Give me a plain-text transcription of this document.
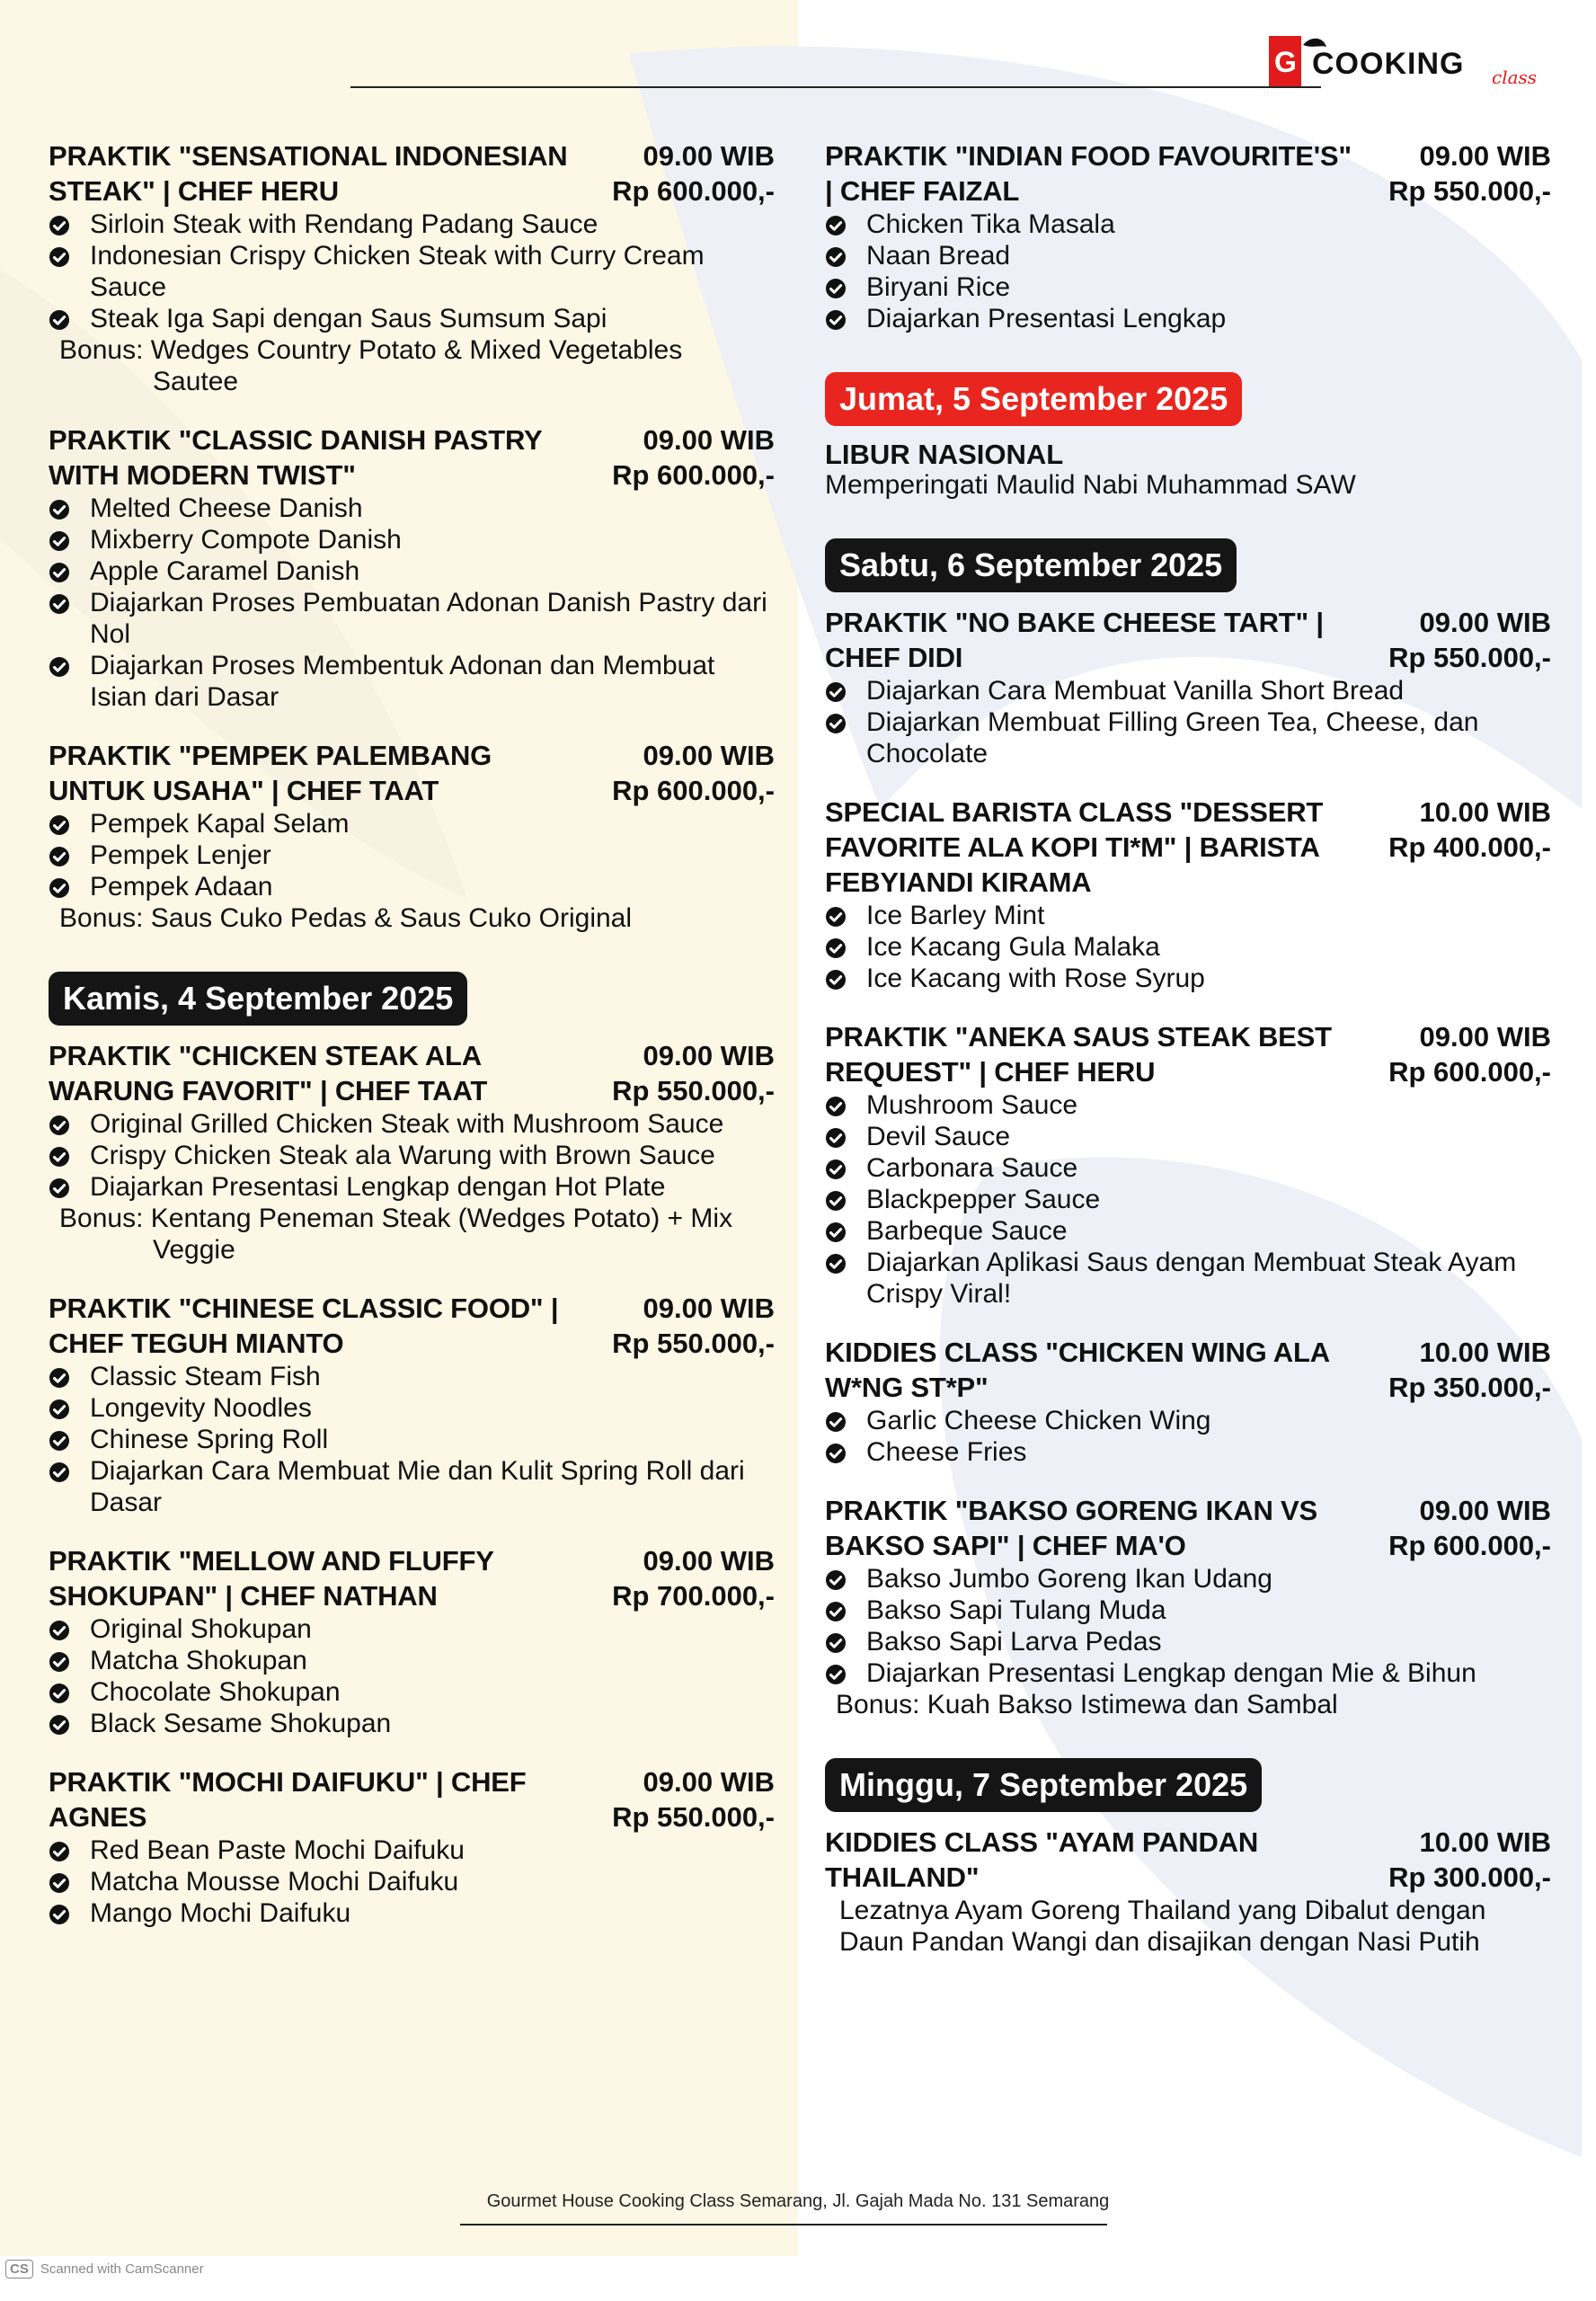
G COOKING class
PRAKTIK "SENSATIONAL INDONESIAN STEAK" | CHEF HERU
09.00 WIB
Rp 600.000,-
Sirloin Steak with Rendang Padang Sauce
Indonesian Crispy Chicken Steak with Curry Cream Sauce
Steak Iga Sapi dengan Saus Sumsum Sapi
Bonus: Wedges Country Potato & Mixed Vegetables Sautee
PRAKTIK "CLASSIC DANISH PASTRY WITH MODERN TWIST"
09.00 WIB
Rp 600.000,-
Melted Cheese Danish
Mixberry Compote Danish
Apple Caramel Danish
Diajarkan Proses Pembuatan Adonan Danish Pastry dari Nol
Diajarkan Proses Membentuk Adonan dan Membuat Isian dari Dasar
PRAKTIK "PEMPEK PALEMBANG UNTUK USAHA" | CHEF TAAT
09.00 WIB
Rp 600.000,-
Pempek Kapal Selam
Pempek Lenjer
Pempek Adaan
Bonus: Saus Cuko Pedas & Saus Cuko Original
Kamis, 4 September 2025
PRAKTIK "CHICKEN STEAK ALA WARUNG FAVORIT" | CHEF TAAT
09.00 WIB
Rp 550.000,-
Original Grilled Chicken Steak with Mushroom Sauce
Crispy Chicken Steak ala Warung with Brown Sauce
Diajarkan Presentasi Lengkap dengan Hot Plate
Bonus: Kentang Peneman Steak (Wedges Potato) + Mix Veggie
PRAKTIK "CHINESE CLASSIC FOOD" | CHEF TEGUH MIANTO
09.00 WIB
Rp 550.000,-
Classic Steam Fish
Longevity Noodles
Chinese Spring Roll
Diajarkan Cara Membuat Mie dan Kulit Spring Roll dari Dasar
PRAKTIK "MELLOW AND FLUFFY SHOKUPAN" | CHEF NATHAN
09.00 WIB
Rp 700.000,-
Original Shokupan
Matcha Shokupan
Chocolate Shokupan
Black Sesame Shokupan
PRAKTIK "MOCHI DAIFUKU" | CHEF AGNES
09.00 WIB
Rp 550.000,-
Red Bean Paste Mochi Daifuku
Matcha Mousse Mochi Daifuku
Mango Mochi Daifuku
PRAKTIK "INDIAN FOOD FAVOURITE'S" | CHEF FAIZAL
09.00 WIB
Rp 550.000,-
Chicken Tika Masala
Naan Bread
Biryani Rice
Diajarkan Presentasi Lengkap
Jumat, 5 September 2025
LIBUR NASIONAL
Memperingati Maulid Nabi Muhammad SAW
Sabtu, 6 September 2025
PRAKTIK "NO BAKE CHEESE TART" | CHEF DIDI
09.00 WIB
Rp 550.000,-
Diajarkan Cara Membuat Vanilla Short Bread
Diajarkan Membuat Filling Green Tea, Cheese, dan Chocolate
SPECIAL BARISTA CLASS "DESSERT FAVORITE ALA KOPI TI*M" | BARISTA FEBYIANDI KIRAMA
10.00 WIB
Rp 400.000,-
Ice Barley Mint
Ice Kacang Gula Malaka
Ice Kacang with Rose Syrup
PRAKTIK "ANEKA SAUS STEAK BEST REQUEST" | CHEF HERU
09.00 WIB
Rp 600.000,-
Mushroom Sauce
Devil Sauce
Carbonara Sauce
Blackpepper Sauce
Barbeque Sauce
Diajarkan Aplikasi Saus dengan Membuat Steak Ayam Crispy Viral!
KIDDIES CLASS "CHICKEN WING ALA W*NG ST*P"
10.00 WIB
Rp 350.000,-
Garlic Cheese Chicken Wing
Cheese Fries
PRAKTIK "BAKSO GORENG IKAN VS BAKSO SAPI" | CHEF MA'O
09.00 WIB
Rp 600.000,-
Bakso Jumbo Goreng Ikan Udang
Bakso Sapi Tulang Muda
Bakso Sapi Larva Pedas
Diajarkan Presentasi Lengkap dengan Mie & Bihun
Bonus: Kuah Bakso Istimewa dan Sambal
Minggu, 7 September 2025
KIDDIES CLASS "AYAM PANDAN THAILAND"
10.00 WIB
Rp 300.000,-
Lezatnya Ayam Goreng Thailand yang Dibalut dengan Daun Pandan Wangi dan disajikan dengan Nasi Putih
Gourmet House Cooking Class Semarang, Jl. Gajah Mada No. 131 Semarang
CS Scanned with CamScanner
